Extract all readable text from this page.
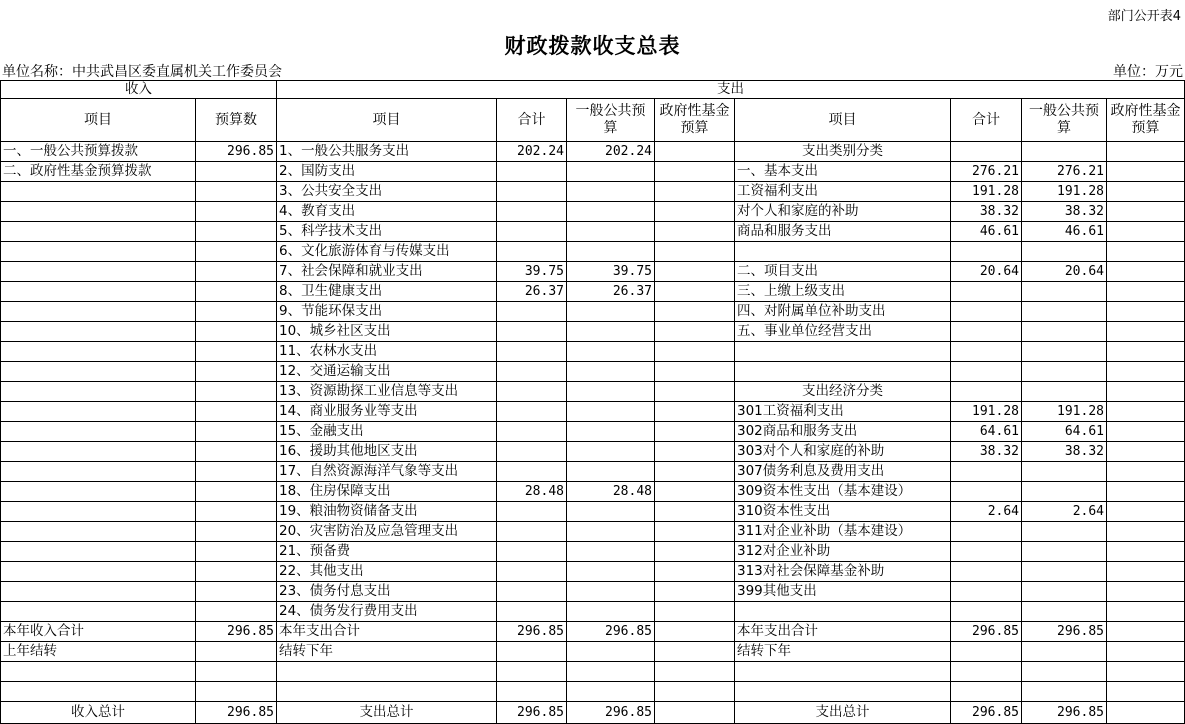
部门公开表4
财政拨款收支总表
单位名称：中共武昌区委直属机关工作委员会	单位：万元
收入		支出							
项目	预算数	项目	合计	一般公共预算	政府性基金预算	项目	合计	一般公共预算	政府性基金预算
一、一般公共预算拨款	296.85	1、一般公共服务支出	202.24	202.24		支出类别分类			
二、政府性基金预算拨款		2、国防支出				一、基本支出	276.21	276.21	
		3、公共安全支出				工资福利支出	191.28	191.28	
		4、教育支出				对个人和家庭的补助	38.32	38.32	
		5、科学技术支出				商品和服务支出	46.61	46.61	
		6、文化旅游体育与传媒支出							
		7、社会保障和就业支出	39.75	39.75		二、项目支出	20.64	20.64	
		8、卫生健康支出	26.37	26.37		三、上缴上级支出			
		9、节能环保支出				四、对附属单位补助支出			
		10、城乡社区支出				五、事业单位经营支出			
		11、农林水支出							
		12、交通运输支出							
		13、资源勘探工业信息等支出				支出经济分类			
		14、商业服务业等支出				301工资福利支出	191.28	191.28	
		15、金融支出				302商品和服务支出	64.61	64.61	
		16、援助其他地区支出				303对个人和家庭的补助	38.32	38.32	
		17、自然资源海洋气象等支出				307债务利息及费用支出			
		18、住房保障支出	28.48	28.48		309资本性支出（基本建设）			
		19、粮油物资储备支出				310资本性支出	2.64	2.64	
		20、灾害防治及应急管理支出				311对企业补助（基本建设）			
		21、预备费				312对企业补助			
		22、其他支出				313对社会保障基金补助			
		23、债务付息支出				399其他支出			
		24、债务发行费用支出							
本年收入合计	296.85	本年支出合计	296.85	296.85		本年支出合计	296.85	296.85	
上年结转		结转下年				结转下年			

收入总计	296.85	支出总计	296.85	296.85		支出总计	296.85	296.85	
